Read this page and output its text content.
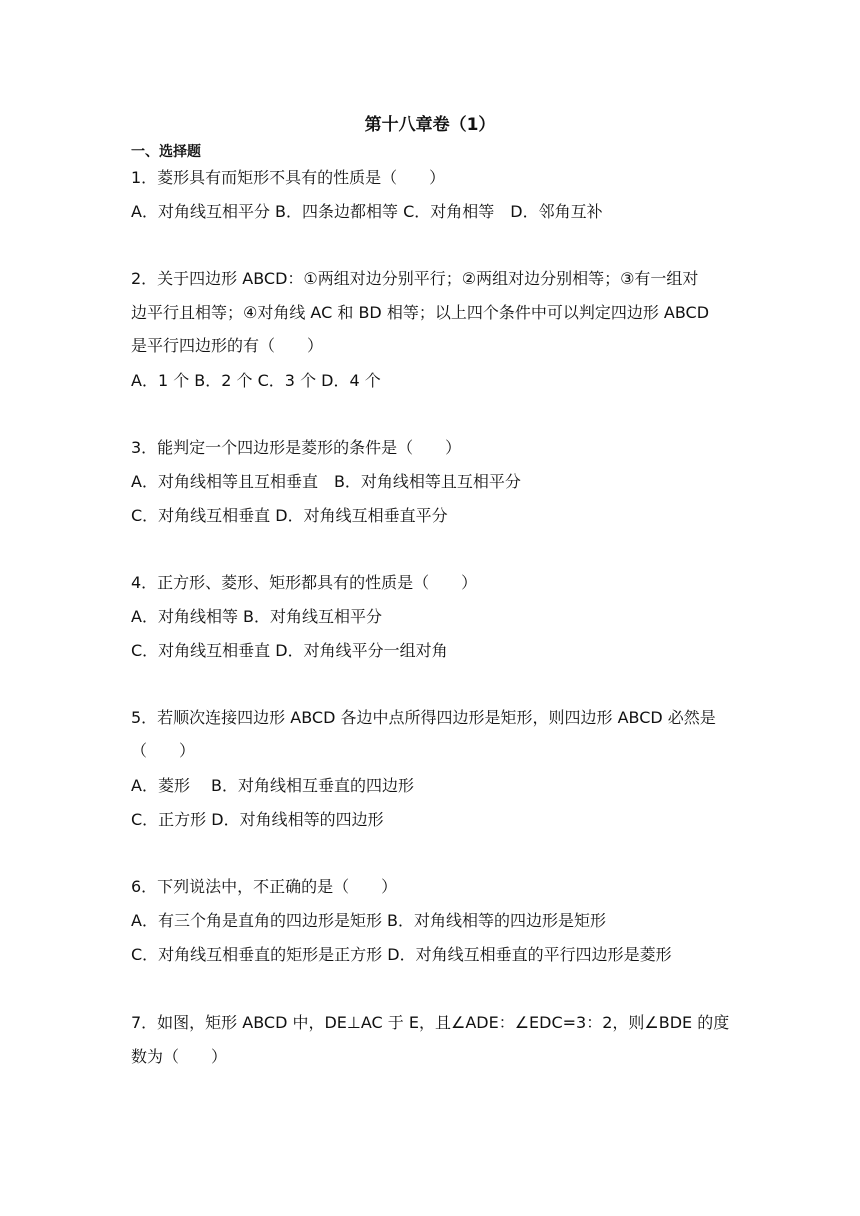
第十八章卷（1）
一、选择题
1．菱形具有而矩形不具有的性质是（　　）
A．对角线互相平分 B．四条边都相等 C．对角相等　D．邻角互补
2．关于四边形 ABCD：①两组对边分别平行；②两组对边分别相等；③有一组对
边平行且相等；④对角线 AC 和 BD 相等；以上四个条件中可以判定四边形 ABCD
是平行四边形的有（　　）
A．1 个 B．2 个 C．3 个 D．4 个
3．能判定一个四边形是菱形的条件是（　　）
A．对角线相等且互相垂直　B．对角线相等且互相平分
C．对角线互相垂直 D．对角线互相垂直平分
4．正方形、菱形、矩形都具有的性质是（　　）
A．对角线相等 B．对角线互相平分
C．对角线互相垂直 D．对角线平分一组对角
5．若顺次连接四边形 ABCD 各边中点所得四边形是矩形，则四边形 ABCD 必然是
（　　）
A．菱形　 B．对角线相互垂直的四边形
C．正方形 D．对角线相等的四边形
6．下列说法中，不正确的是（　　）
A．有三个角是直角的四边形是矩形 B．对角线相等的四边形是矩形
C．对角线互相垂直的矩形是正方形 D．对角线互相垂直的平行四边形是菱形
7．如图，矩形 ABCD 中，DE⊥AC 于 E，且∠ADE：∠EDC=3：2，则∠BDE 的度
数为（　　）
